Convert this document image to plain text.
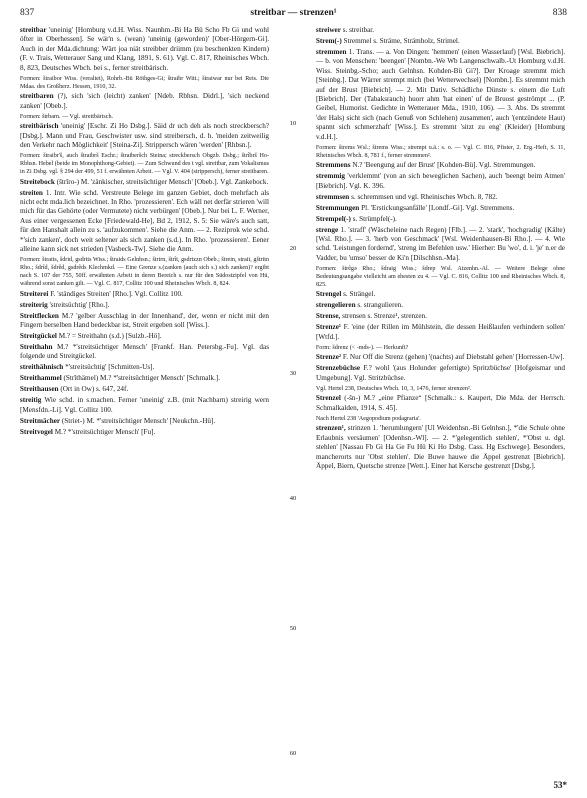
837	streitbar — strenzen¹	838

streitbar 'uneinig' [Homburg v.d.H. Wiss. Naunhm.-Bi Ha Bü Scho Fb Gi und wohl öfter in Oberhessen]. Se wär'n s. (wean) 'uneinig (geworden)' [Ober-Hörgern-Gi]. Auch in der Mda.dichtung: Wärt joa niät streibber driimm (zu beschenkten Kindern) (F. v. Trais, Wetterauer Sang und Klang, 1891, S. 61). Vgl. C. 817, Rheinisches Wbch. 8, 823, Deutsches Wbch. bei s., ferner streitbärisch.

Formen: štraibor Wiss. (veraltet), Rohrb.-Bü Röthges-Gi; štraibr Witt.; štraiwar nur bei Reis. Die Mdaa. des Großherz. Hessen, 1910, 32.

streitbaren (?), sich 'sich (leicht) zanken' [Ndeb. Rbhsn. Didrl.], 'sich neckend zanken' [Obeb.].

Formen: štrbarn. — Vgl. streitbärisch.

streitbärisch 'uneinig' [Eschr. Zi Ho Dsbg.]. Säid dr uch deh als noch streckbersch? [Dsbg.]. Mann und Frau, Geschwister usw. sind streibersch, d. h. 'meiden zeitweilig den Verkehr nach Möglichkeit' [Steina-Zi]. Strippersch wären 'werden' [Rhbsn.].

Formen: štraibr'š, auch štraibrš Eschr.; štraiberšch Steina; streckbersch Obgzb. Dsbg.; štrîbrš Ho-Rbhsn. Hebel (beide im Monophthong-Gebiet). — Zum Schwund des t vgl. streitbar, zum Vokalismus in Zi Dsbg. vgl. § 294 der 499, 51 f. erwähnten Arbeit. — Vgl. V. 404 (strippersch), ferner streitbaren.

Streitebock (štrîro-) M. 'zänkischer, streitsüchtiger Mensch' [Obeb.]. Vgl. Zankebock.

streiten 1. Intr. Wie schd. Verstreute Belege im ganzen Gebiet, doch mehrfach als nicht echt mda.lich bezeichnet. In Rho. 'prozessieren'. Ech wäll net derfär strieren 'will mich für das Gehörte (oder Vermutete) nicht verbürgen' [Obeb.]. Nur bei L. F. Werner, Aus einer vergessenen Ecke [Friedewald-He], Bd 2, 1912, S. 5: Sie wäre's auch satt, für den Hanshalt allein zu s. 'aufzukommen'. Siehe die Anm. — 2. Reziprok wie schd. *'sich zanken', doch weit seltener als sich zanken (s.d.). In Rho. 'prozessieren'. Eener alleine kann sick net strieden [Vasbeck-Tw]. Siehe die Anm.

Formen: štraits, šdrid, gsdrits Wiss.; štraids Gelnhsn.; štrirn, štrît, gsdrizzn Obeb.; štrein, strait, gštritn Rho.; šdrîd, šdrêd, gsdrêds Klechmkd. — Eine Grenze s.(zanken (auch sich s.) sich zanken)? ergibt nach S. 107 der 755, 50ff. erwähnten Arbeit in deren Bereich s. nur für den Südostzipfel von Hü, während sonst zanken gilt. — Vgl. C. 817, Collitz 100 und Rheinisches Wbch. 8, 824.

Streiterei F. 'ständiges Streiten' [Rho.]. Vgl. Collitz 100.

streiterig 'streitsüchtig' [Rho.].

Streitflecken M.? 'gelber Ausschlag in der Innenhand', der, wenn er nicht mit den Fingern berselben Hand bedeckbar ist, Streit ergeben soll [Wiss.].

Streitgückel M.? = Streithahn (s.d.) [Sulzb.-Hö].

Streithahn M.? *'streitsüchtiger Mensch' [Frankf. Han. Petersbg.-Fu]. Vgl. das folgende und Streitgückel.

streithähnisch *'streitsüchtig' [Schmitten-Us].

Streithammel (Strîthämel) M.? *'streitsüchtiger Mensch' [Schmalk.].

Streithausen (Ort in Ow) s. 647, 24f.

streitig Wie schd. in s.machen. Ferner 'uneinig' z.B. (mit Nachbarn) streirig wern [Mensfdn.-Li]. Vgl. Collitz 100.

Streitmächer (Striet-) M. *'streitsüchtiger Mensch' [Neukchn.-Hü].

Streitvogel M.? *'streitsüchtiger Mensch' [Fu].

10
20
30
40
50
60

streiwer s. streitbar.

Strem(-) Stremmel s. Sträme, Strämholz, Strimel.

stremmen 1. Trans. — a. Von Dingen: 'hemmen' (einen Wasserlauf) [Wsl. Biebrich]. — b. von Menschen: 'beengen' [Nombn.-We Wb Langenschwalb.-Ut Homburg v.d.H. Wiss. Steinbg.-Scho; auch Gelnhsn. Kohden-Bü Gi?]. Der Kroage stremmt mich [Steinbg.]. Dat Wärrer strempt mich (bei Wetterwechsel) [Nombn.]. Es stremmt mich auf der Brust [Biebrich]. — 2. Mit Dativ. Schädliche Dünste s. einem die Luft [Biebrich]. Der (Tabaksrauch) huorr ahm 'hat einen' uf de Bruost geströmpt ... (P. Geibel, Humorist. Gedichte in Wetterauer Mda., 1910, 106). — 3. Abs. Ds stremmt 'der Hals) sicht sich (nach Genuß von Schlehen) zusammen', auch '(entzündete Haut) spannt sich schmerzhaft' [Wiss.]. Es stremmt 'sitzt zu eng' (Kleider) [Homburg v.d.H.].

Formen: štrems Wsl.; štrems Wiss.; strempt u.ä.: s. o. — Vgl. C. 816, Pfister, 2. Erg.-Heft, S. 11, Rheinisches Wbch. 8, 781 f., ferner stremmen².

Stremmens N.? 'Beengung auf der Brust' [Kohden-Bü]. Vgl. Stremmungen.

stremmig 'verklemmt' (von an sich beweglichen Sachen), auch 'beengt beim Atmen' [Biebrich]. Vgl. K. 396.

stremmsen s. schremmsen und vgl. Rheinisches Wbch. 8, 782.

Stremmungen Pl. 'Erstickungsanfälle' [Londf.-Gi]. Vgl. Stremmens.

Strempel(-) s. Strümpfel(-).

strenge 1. 'straff' (Wäscheleine nach Regen) [Flb.]. — 2. 'stark', 'hochgradig' (Kälte) [Wsl. Rho.]. — 3. 'herb von Geschmack' [Wsl. Weidenhausen-Bi Rho.]. — 4. Wie schd. 'Leistungen fordernd', 'streng im Befehlen usw.' Hierher: Bu 'wo', d. i. 'je' n.er de Vadder, bu 'umso' besser de Ki'n [Dilschhsn.-Ma].

Formen: štrêgə Rho.; šdraig Wiss.; šdrep Wsl. Atzenhn.-Al. — Weitere Belege ohne Bedeutungsangabe vielleicht am ehesten zu 4. — Vgl. C. 816, Collitz 100 und Rheinisches Wbch. 8, 825.

Strengel s. Strängel.

strengelieren s. strangulieren.

Strense, strensen s. Strenze¹, strenzen.

Strenze¹ F. 'eine (der Rillen im Mühlstein, die dessen Heißlaufen verhindern sollen' [Wtfd.].

Form: šdrenz (< -mds-). — Herkunft?

Strenze² F. Nur Off die Strenz (gehen) '(nachts) auf Diebstahl gehen' [Horressen-Uw].

Strenzebüchse F.? wohl '(aus Holunder gefertigte) Spritzbüchse' [Hofgeismar und Umgebung]. Vgl. Stritzbüchse.

Vgl. Hertel 238, Deutsches Wbch. 10, 3, 1476, ferner strenzen².

Strenzel (-šn-) M.? „eine Pfianze“ [Schmalk.: s. Kaupert, Die Mda. der Herrsch. Schmalkalden, 1914, S. 45].

Nach Hertel 238 'Aegopodium podagraria'.

strenzen¹, strinzen 1. 'herumlungern' [Ul Weidenhsn.-Bi Gelnhsn.], *'die Schule ohne Erlaubnis versäumen' [Odenhsn.-Wl]. — 2. *'gelegentlich stehlen', *'Obst u. dgl. stehlen' [Nassau Fb Gi Ha Ge Fu Hü Ki Ho Dsbg. Cass. Hg Eschwege]. Besonders, mancherorts nur 'Obst stehlen'. Die Buwe hauwe die Äppel gestrenzt [Biebrich]. Äppel, Biern, Quetsche strenze [Wett.]. Einer hat Kersche gestrenzt [Dsbg.].

53*
